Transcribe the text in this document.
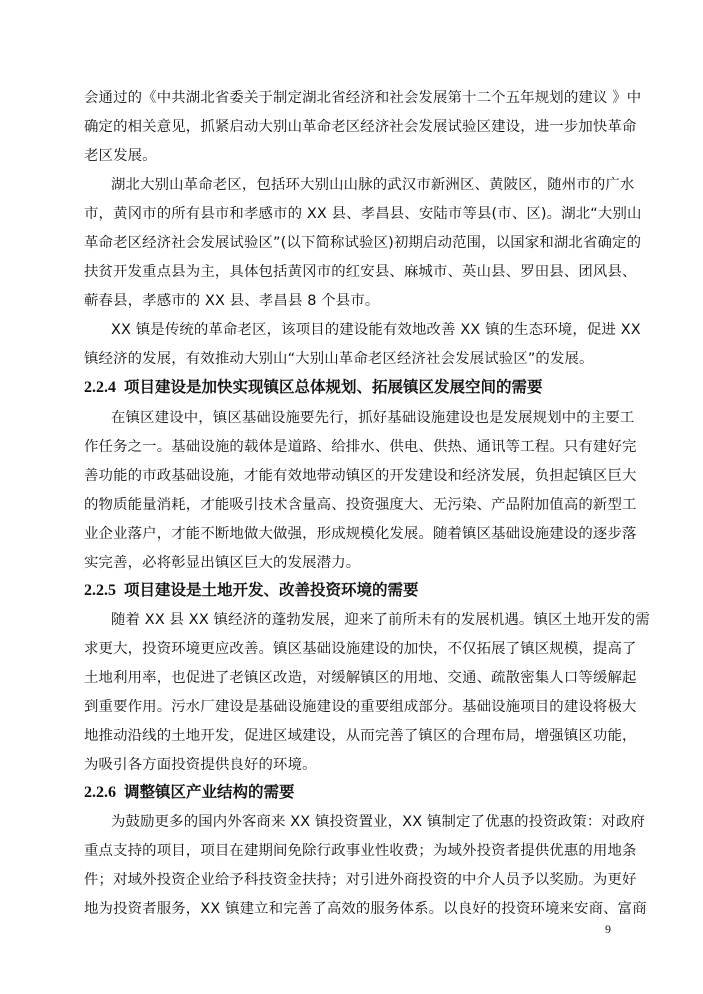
会通过的《中共湖北省委关于制定湖北省经济和社会发展第十二个五年规划的建议 》中
确定的相关意见，抓紧启动大别山革命老区经济社会发展试验区建设，进一步加快革命
老区发展。
湖北大别山革命老区，包括环大别山山脉的武汉市新洲区、黄陂区，随州市的广水
市，黄冈市的所有县市和孝感市的 XX 县、孝昌县、安陆市等县(市、区)。湖北“大别山
革命老区经济社会发展试验区”(以下简称试验区)初期启动范围，以国家和湖北省确定的
扶贫开发重点县为主，具体包括黄冈市的红安县、麻城市、英山县、罗田县、团风县、
蕲春县，孝感市的 XX 县、孝昌县 8 个县市。
XX 镇是传统的革命老区，该项目的建设能有效地改善 XX 镇的生态环境，促进 XX
镇经济的发展，有效推动大别山“大别山革命老区经济社会发展试验区”的发展。
2.2.4 项目建设是加快实现镇区总体规划、拓展镇区发展空间的需要
在镇区建设中，镇区基础设施要先行，抓好基础设施建设也是发展规划中的主要工
作任务之一。基础设施的载体是道路、给排水、供电、供热、通讯等工程。只有建好完
善功能的市政基础设施，才能有效地带动镇区的开发建设和经济发展，负担起镇区巨大
的物质能量消耗，才能吸引技术含量高、投资强度大、无污染、产品附加值高的新型工
业企业落户，才能不断地做大做强，形成规模化发展。随着镇区基础设施建设的逐步落
实完善，必将彰显出镇区巨大的发展潜力。
2.2.5 项目建设是土地开发、改善投资环境的需要
随着 XX 县 XX 镇经济的蓬勃发展，迎来了前所未有的发展机遇。镇区土地开发的需
求更大，投资环境更应改善。镇区基础设施建设的加快，不仅拓展了镇区规模，提高了
土地利用率，也促进了老镇区改造，对缓解镇区的用地、交通、疏散密集人口等缓解起
到重要作用。污水厂建设是基础设施建设的重要组成部分。基础设施项目的建设将极大
地推动沿线的土地开发，促进区域建设，从而完善了镇区的合理布局，增强镇区功能，
为吸引各方面投资提供良好的环境。
2.2.6 调整镇区产业结构的需要
为鼓励更多的国内外客商来 XX 镇投资置业，XX 镇制定了优惠的投资政策：对政府
重点支持的项目，项目在建期间免除行政事业性收费；为域外投资者提供优惠的用地条
件；对域外投资企业给予科技资金扶持；对引进外商投资的中介人员予以奖励。为更好
地为投资者服务，XX 镇建立和完善了高效的服务体系。以良好的投资环境来安商、富商
9
